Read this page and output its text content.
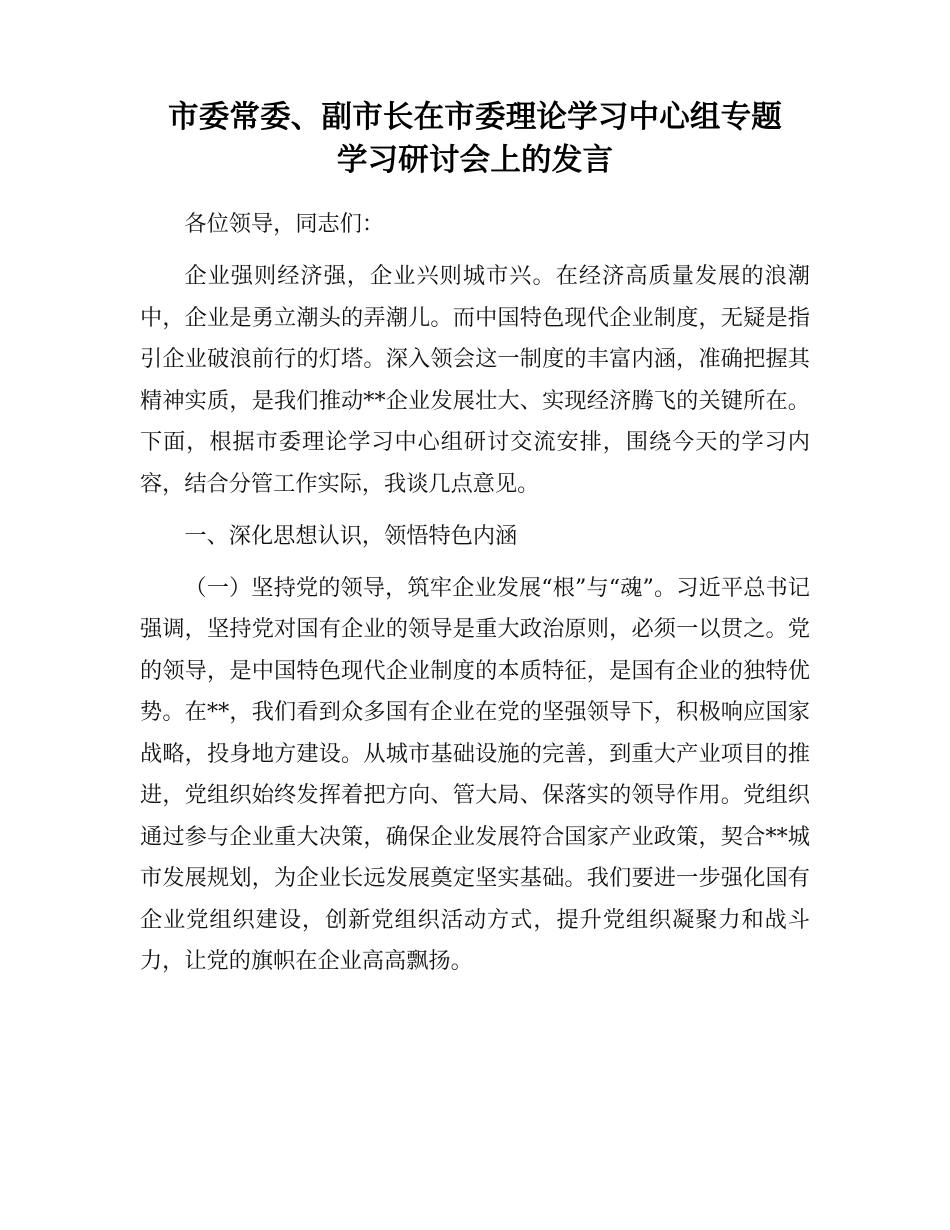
市委常委、副市长在市委理论学习中心组专题
学习研讨会上的发言

各位领导，同志们：

企业强则经济强，企业兴则城市兴。在经济高质量发展的浪潮中，企业是勇立潮头的弄潮儿。而中国特色现代企业制度，无疑是指引企业破浪前行的灯塔。深入领会这一制度的丰富内涵，准确把握其精神实质，是我们推动**企业发展壮大、实现经济腾飞的关键所在。下面，根据市委理论学习中心组研讨交流安排，围绕今天的学习内容，结合分管工作实际，我谈几点意见。

一、深化思想认识，领悟特色内涵

（一）坚持党的领导，筑牢企业发展“根”与“魂”。习近平总书记强调，坚持党对国有企业的领导是重大政治原则，必须一以贯之。党的领导，是中国特色现代企业制度的本质特征，是国有企业的独特优势。在**，我们看到众多国有企业在党的坚强领导下，积极响应国家战略，投身地方建设。从城市基础设施的完善，到重大产业项目的推进，党组织始终发挥着把方向、管大局、保落实的领导作用。党组织通过参与企业重大决策，确保企业发展符合国家产业政策，契合**城市发展规划，为企业长远发展奠定坚实基础。我们要进一步强化国有企业党组织建设，创新党组织活动方式，提升党组织凝聚力和战斗力，让党的旗帜在企业高高飘扬。
